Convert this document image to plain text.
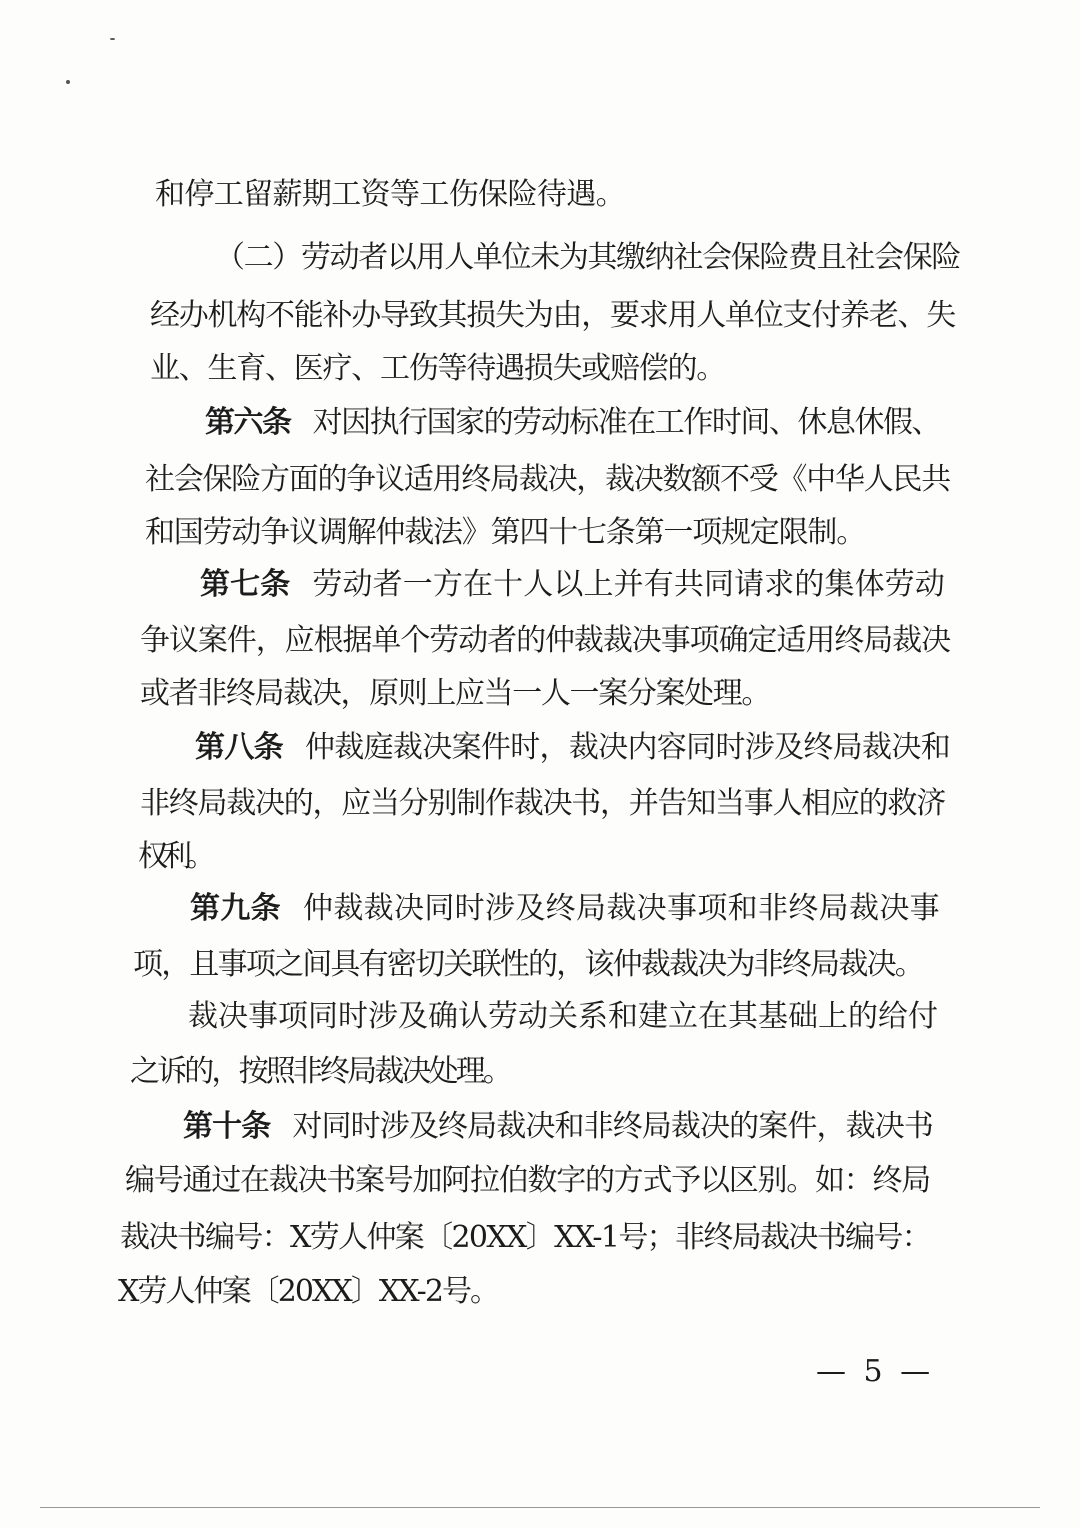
和停工留薪期工资等工伤保险待遇。
（二）劳动者以用人单位未为其缴纳社会保险费且社会保险
经办机构不能补办导致其损失为由，要求用人单位支付养老、失
业、生育、医疗、工伤等待遇损失或赔偿的。
第六条 对因执行国家的劳动标准在工作时间、休息休假、
社会保险方面的争议适用终局裁决，裁决数额不受《中华人民共
和国劳动争议调解仲裁法》第四十七条第一项规定限制。
第七条 劳动者一方在十人以上并有共同请求的集体劳动
争议案件，应根据单个劳动者的仲裁裁决事项确定适用终局裁决
或者非终局裁决，原则上应当一人一案分案处理。
第八条 仲裁庭裁决案件时，裁决内容同时涉及终局裁决和
非终局裁决的，应当分别制作裁决书，并告知当事人相应的救济
权利。
第九条 仲裁裁决同时涉及终局裁决事项和非终局裁决事
项，且事项之间具有密切关联性的，该仲裁裁决为非终局裁决。
裁决事项同时涉及确认劳动关系和建立在其基础上的给付
之诉的，按照非终局裁决处理。
第十条 对同时涉及终局裁决和非终局裁决的案件，裁决书
编号通过在裁决书案号加阿拉伯数字的方式予以区别。如：终局
裁决书编号：X劳人仲案〔20XX〕XX-1号；非终局裁决书编号：
X劳人仲案〔20XX〕XX-2号。
— 5 —
